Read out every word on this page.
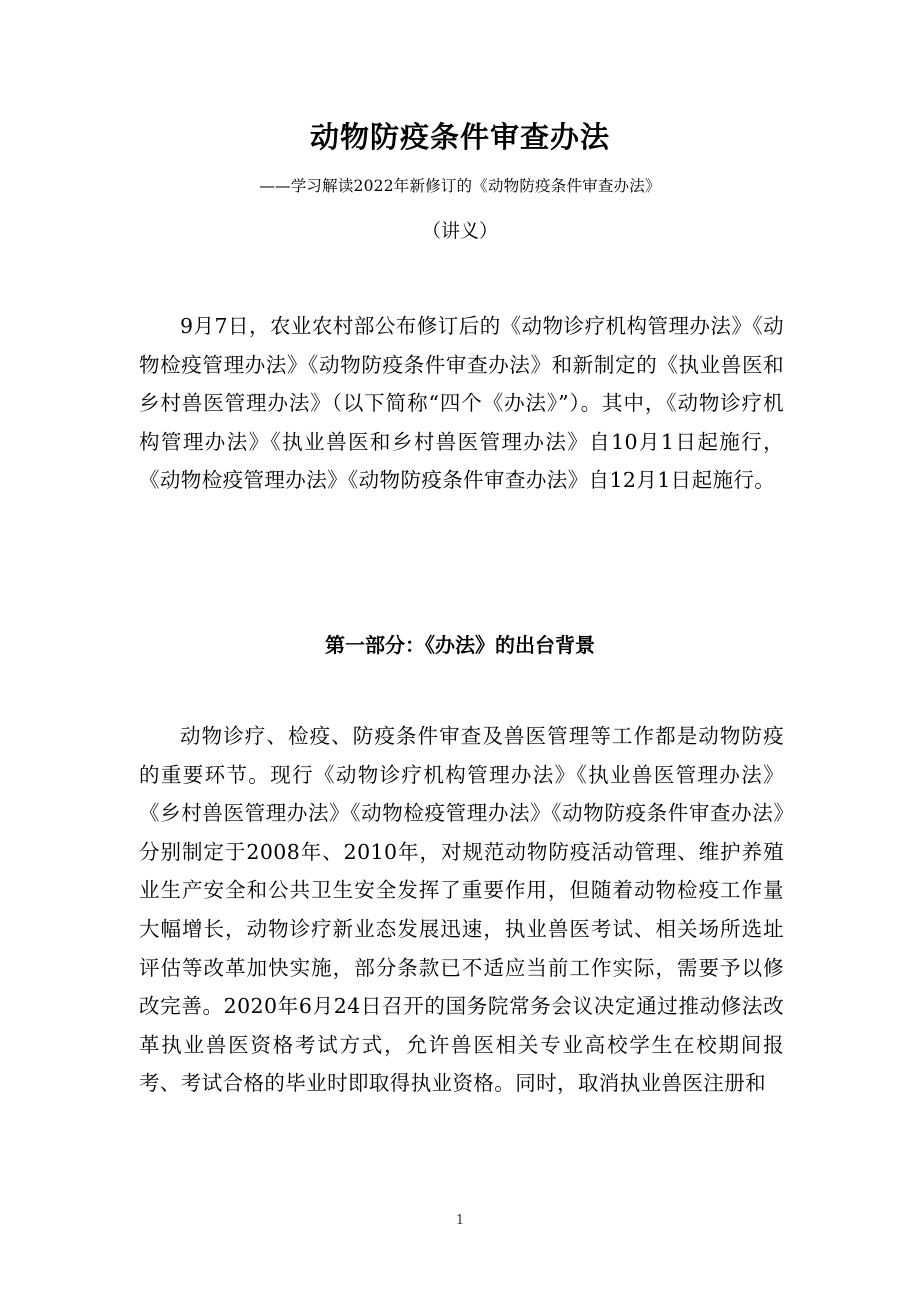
动物防疫条件审查办法
——学习解读2022年新修订的《动物防疫条件审查办法》
（讲义）

9月7日，农业农村部公布修订后的《动物诊疗机构管理办法》《动物检疫管理办法》《动物防疫条件审查办法》和新制定的《执业兽医和乡村兽医管理办法》（以下简称“四个《办法》”）。其中，《动物诊疗机构管理办法》《执业兽医和乡村兽医管理办法》自10月1日起施行，《动物检疫管理办法》《动物防疫条件审查办法》自12月1日起施行。

第一部分：《办法》的出台背景

动物诊疗、检疫、防疫条件审查及兽医管理等工作都是动物防疫的重要环节。现行《动物诊疗机构管理办法》《执业兽医管理办法》《乡村兽医管理办法》《动物检疫管理办法》《动物防疫条件审查办法》分别制定于2008年、2010年，对规范动物防疫活动管理、维护养殖业生产安全和公共卫生安全发挥了重要作用，但随着动物检疫工作量大幅增长，动物诊疗新业态发展迅速，执业兽医考试、相关场所选址评估等改革加快实施，部分条款已不适应当前工作实际，需要予以修改完善。2020年6月24日召开的国务院常务会议决定通过推动修法改革执业兽医资格考试方式，允许兽医相关专业高校学生在校期间报考、考试合格的毕业时即取得执业资格。同时，取消执业兽医注册和

1
